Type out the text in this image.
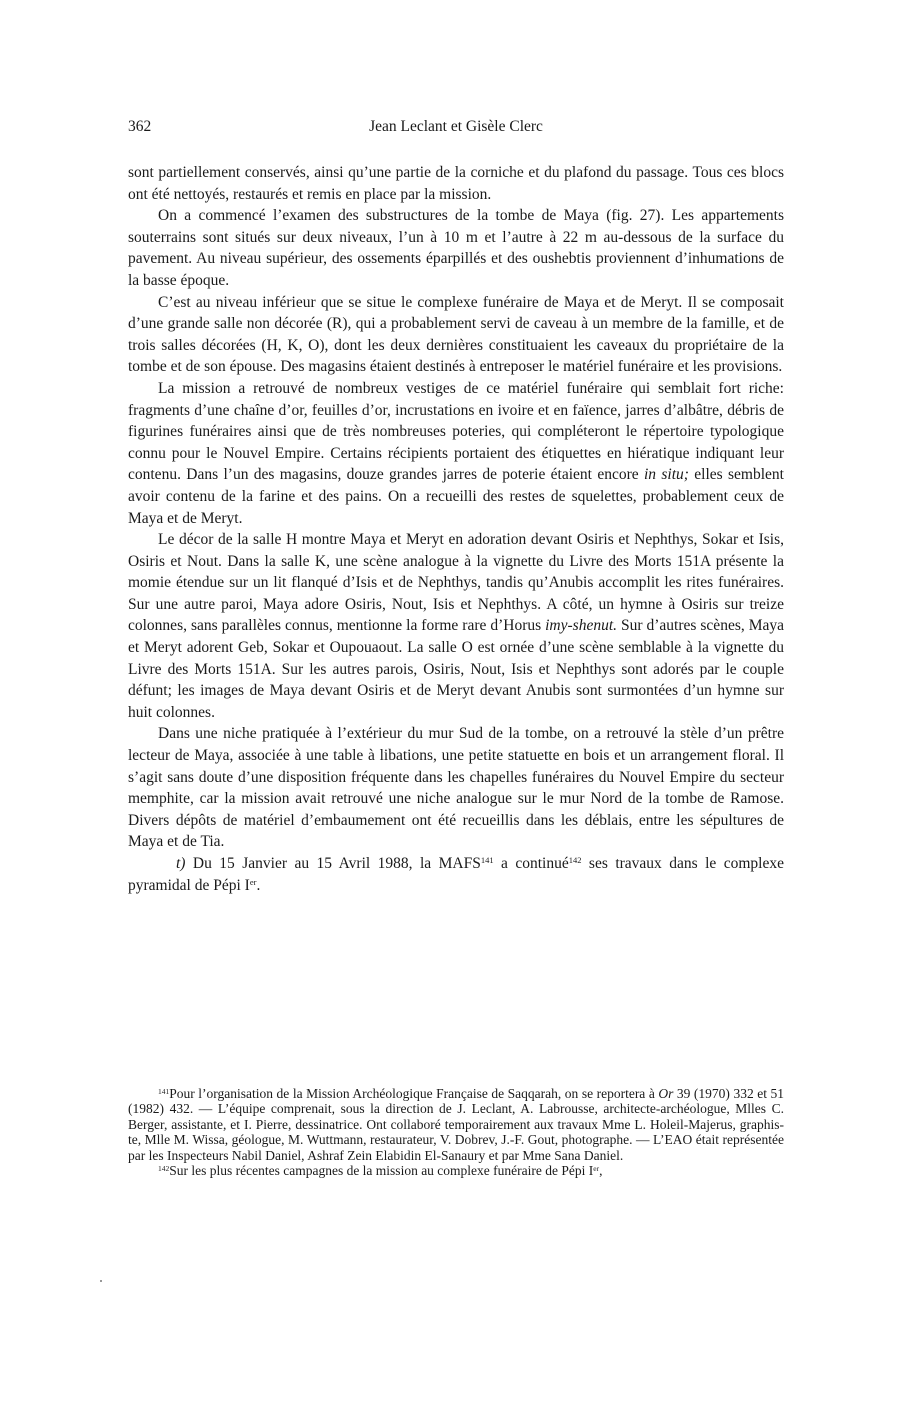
362	Jean Leclant et Gisèle Clerc

sont partiellement conservés, ainsi qu’une partie de la corniche et du plafond du passage. Tous ces blocs ont été nettoyés, restaurés et remis en place par la mission.

On a commencé l’examen des substructures de la tombe de Maya (fig. 27). Les appartements souterrains sont situés sur deux niveaux, l’un à 10 m et l’autre à 22 m au-dessous de la surface du pavement. Au niveau supérieur, des ossements éparpillés et des oushebtis proviennent d’inhumations de la basse époque.

C’est au niveau inférieur que se situe le complexe funéraire de Maya et de Meryt. Il se composait d’une grande salle non décorée (R), qui a probablement servi de caveau à un membre de la famille, et de trois salles décorées (H, K, O), dont les deux dernières constituaient les caveaux du propriétaire de la tombe et de son épouse. Des magasins étaient destinés à entreposer le matériel funéraire et les provisions.

La mission a retrouvé de nombreux vestiges de ce matériel funéraire qui semblait fort riche: fragments d’une chaîne d’or, feuilles d’or, incrustations en ivoire et en faïence, jarres d’albâtre, débris de figurines funéraires ainsi que de très nombreuses poteries, qui compléteront le répertoire typologique connu pour le Nouvel Empire. Certains récipients portaient des étiquettes en hiératique indiquant leur contenu. Dans l’un des magasins, douze grandes jarres de poterie étaient encore in situ; elles semblent avoir contenu de la farine et des pains. On a recueilli des restes de squelettes, probablement ceux de Maya et de Meryt.

Le décor de la salle H montre Maya et Meryt en adoration devant Osiris et Nephthys, Sokar et Isis, Osiris et Nout. Dans la salle K, une scène analogue à la vignette du Livre des Morts 151A présente la momie étendue sur un lit flanqué d’Isis et de Nephthys, tandis qu’Anubis accomplit les rites funéraires. Sur une autre paroi, Maya adore Osiris, Nout, Isis et Nephthys. A côté, un hymne à Osiris sur treize colonnes, sans parallèles connus, mentionne la forme rare d’Horus imy-shenut. Sur d’autres scènes, Maya et Meryt adorent Geb, Sokar et Oupouaout. La salle O est ornée d’une scène semblable à la vignette du Livre des Morts 151A. Sur les autres parois, Osiris, Nout, Isis et Nephthys sont adorés par le couple défunt; les images de Maya devant Osiris et de Meryt devant Anubis sont surmontées d’un hymne sur huit colonnes.

Dans une niche pratiquée à l’extérieur du mur Sud de la tombe, on a retrouvé la stèle d’un prêtre lecteur de Maya, associée à une table à libations, une petite statuette en bois et un arrangement floral. Il s’agit sans doute d’une disposition fréquente dans les chapelles funéraires du Nouvel Empire du secteur memphite, car la mission avait retrouvé une niche analogue sur le mur Nord de la tombe de Ramose. Divers dépôts de matériel d’embaumement ont été recueillis dans les déblais, entre les sépultures de Maya et de Tia.

t) Du 15 Janvier au 15 Avril 1988, la MAFS$^{141}$ a continué$^{142}$ ses travaux dans le complexe pyramidal de Pépi Ier.

$^{141}$Pour l’organisation de la Mission Archéologique Française de Saqqarah, on se reportera à Or 39 (1970) 332 et 51 (1982) 432. — L’équipe comprenait, sous la direction de J. Leclant, A. Labrousse, architecte-archéologue, Mlles C. Berger, assistante, et I. Pierre, dessinatrice. Ont collaboré temporairement aux travaux Mme L. Holeil-Majerus, graphiste, Mlle M. Wissa, géologue, M. Wuttmann, restaurateur, V. Dobrev, J.-F. Gout, photographe. — L’EAO était représentée par les Inspecteurs Nabil Daniel, Ashraf Zein Elabidin El-Sanaury et par Mme Sana Daniel.

$^{142}$Sur les plus récentes campagnes de la mission au complexe funéraire de Pépi Ier,
